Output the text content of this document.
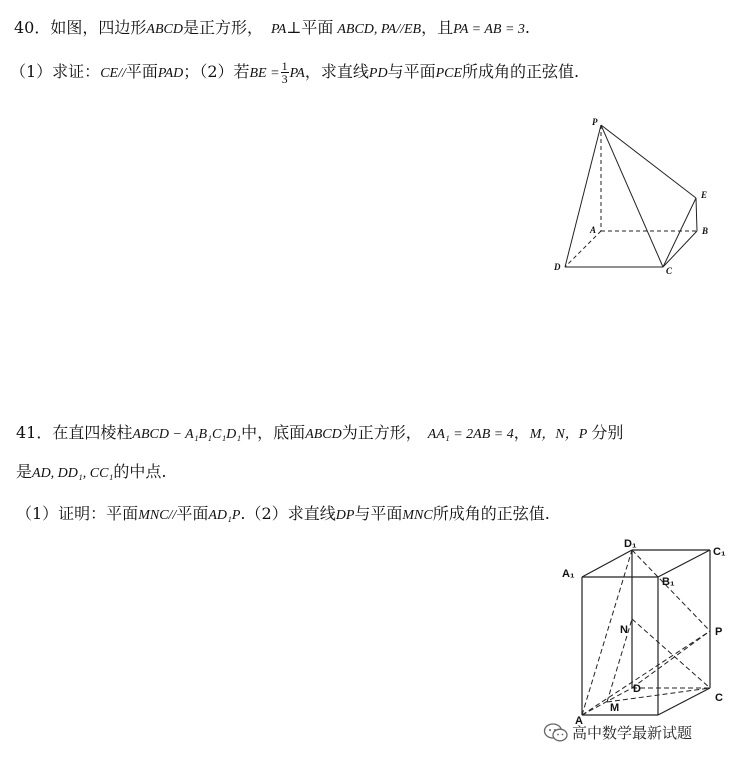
40．如图，四边形ABCD是正方形， PA⊥平面 ABCD, PA//EB，且PA = AB = 3.
（1）求证：CE//平面PAD；（2）若BE = $\frac{1}{3}$ PA，求直线PD与平面PCE所成角的正弦值.
P
E
A	B
D	C
41．在直四棱柱ABCD − A₁B₁C₁D₁中，底面ABCD为正方形， AA₁ = 2AB = 4，M，N，P 分别
是AD, DD₁, CC₁的中点.
（1）证明：平面MNC//平面AD₁P.（2）求直线DP与平面MNC所成角的正弦值.
D₁
C₁
A₁
B₁
N	P
D
C
M
A
高中数学最新试题
